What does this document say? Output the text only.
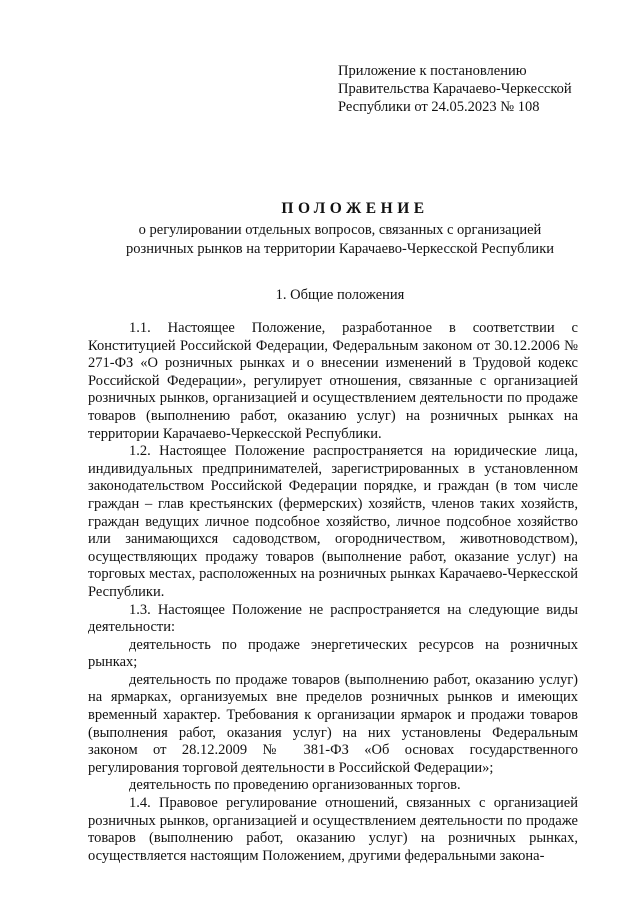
Приложение к постановлению
Правительства Карачаево-Черкесской
Республики от 24.05.2023 № 108
ПОЛОЖЕНИЕ
о регулировании отдельных вопросов, связанных с организацией
розничных рынков на территории Карачаево-Черкесской Республики
1. Общие положения

1.1. Настоящее Положение, разработанное в соответствии с Конституцией Российской Федерации, Федеральным законом от 30.12.2006 № 271-ФЗ «О розничных рынках и о внесении изменений в Трудовой кодекс Российской Федерации», регулирует отношения, связанные с организацией розничных рынков, организацией и осуществлением деятельности по продаже товаров (выполнению работ, оказанию услуг) на розничных рынках на территории Карачаево-Черкесской Республики.

1.2. Настоящее Положение распространяется на юридические лица, индивидуальных предпринимателей, зарегистрированных в установленном законодательством Российской Федерации порядке, и граждан (в том числе граждан – глав крестьянских (фермерских) хозяйств, членов таких хозяйств, граждан ведущих личное подсобное хозяйство, личное подсобное хозяйство или занимающихся садоводством, огородничеством, животноводством), осуществляющих продажу товаров (выполнение работ, оказание услуг) на торговых местах, расположенных на розничных рынках Карачаево-Черкесской Республики.

1.3. Настоящее Положение не распространяется на следующие виды деятельности:

деятельность по продаже энергетических ресурсов на розничных рынках;

деятельность по продаже товаров (выполнению работ, оказанию услуг) на ярмарках, организуемых вне пределов розничных рынков и имеющих временный характер. Требования к организации ярмарок и продажи товаров (выполнения работ, оказания услуг) на них установлены Федеральным законом от 28.12.2009 № 381-ФЗ «Об основах государственного регулирования торговой деятельности в Российской Федерации»;

деятельность по проведению организованных торгов.

1.4. Правовое регулирование отношений, связанных с организацией розничных рынков, организацией и осуществлением деятельности по продаже товаров (выполнению работ, оказанию услуг) на розничных рынках, осуществляется настоящим Положением, другими федеральными закона-
